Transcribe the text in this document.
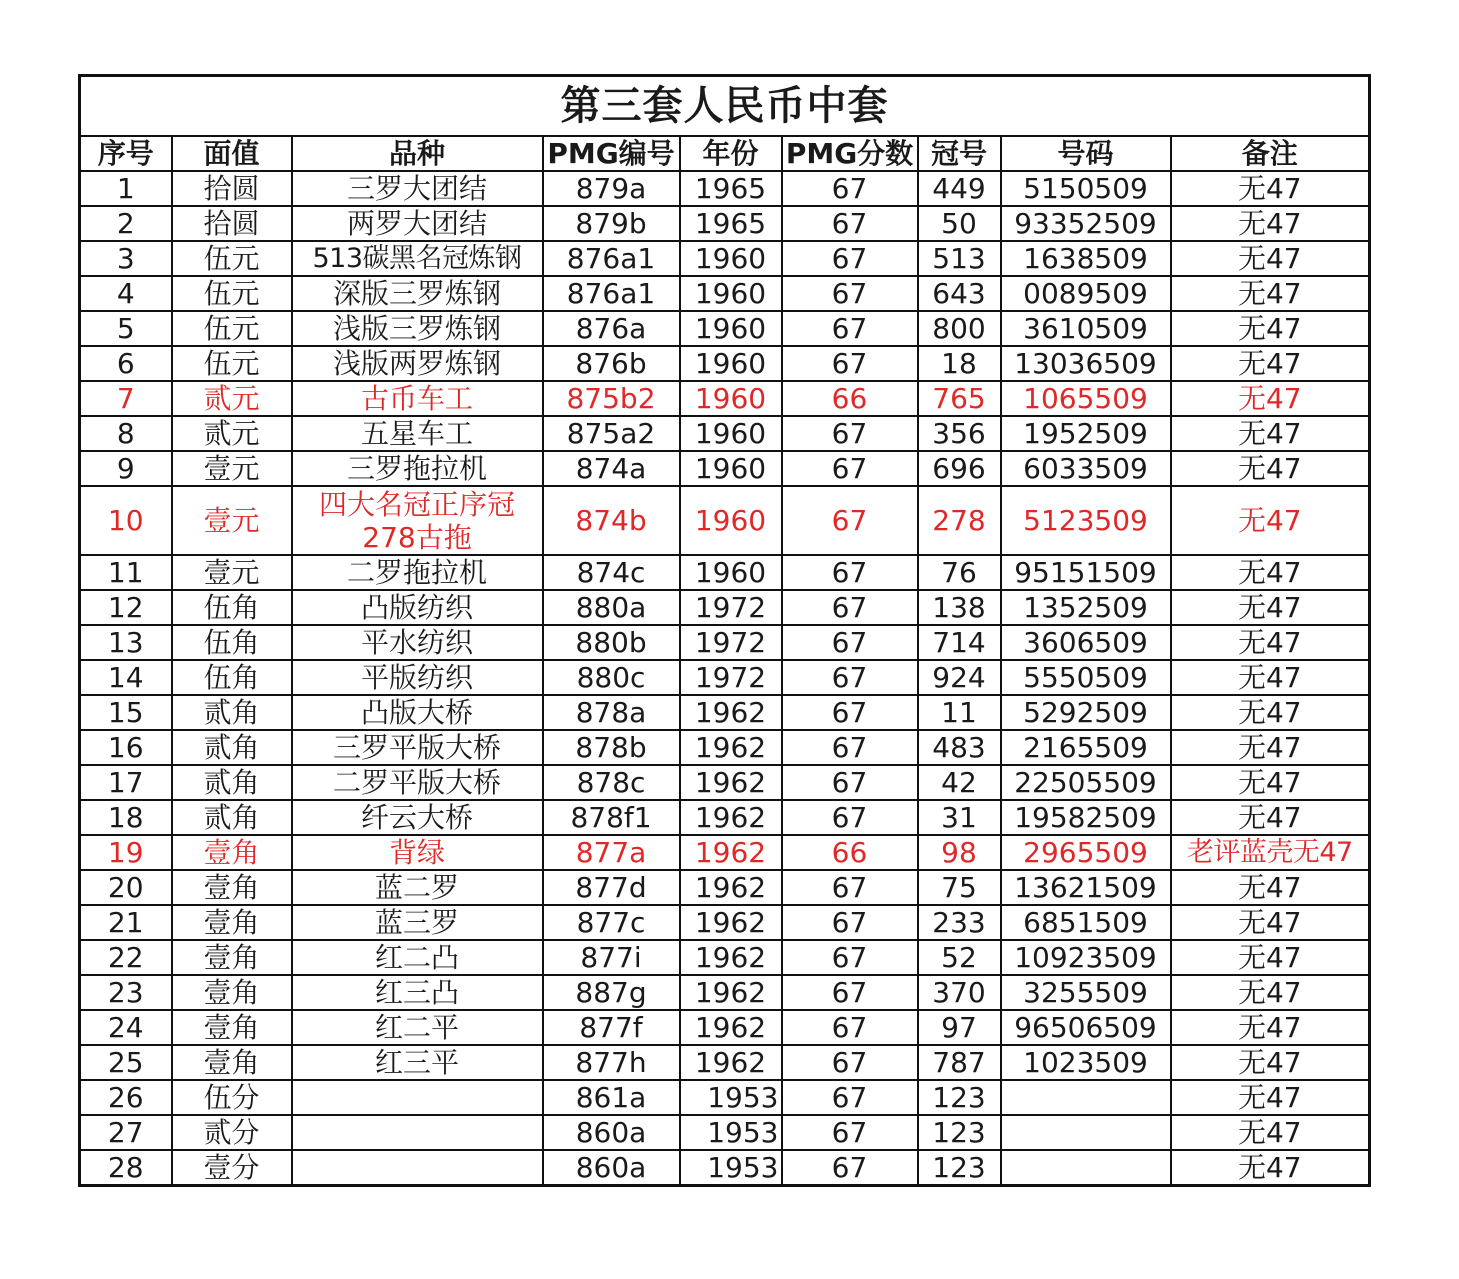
第三套人民币中套								
序号	面值	品种	PMG编号	年份	PMG分数	冠号	号码	备注
1	拾圆	三罗大团结	879a	1965	67	449	5150509	无47
2	拾圆	两罗大团结	879b	1965	67	50	93352509	无47
3	伍元	513碳黑名冠炼钢	876a1	1960	67	513	1638509	无47
4	伍元	深版三罗炼钢	876a1	1960	67	643	0089509	无47
5	伍元	浅版三罗炼钢	876a	1960	67	800	3610509	无47
6	伍元	浅版两罗炼钢	876b	1960	67	18	13036509	无47
7	贰元	古币车工	875b2	1960	66	765	1065509	无47
8	贰元	五星车工	875a2	1960	67	356	1952509	无47
9	壹元	三罗拖拉机	874a	1960	67	696	6033509	无47
10	壹元	四大名冠正序冠278古拖	874b	1960	67	278	5123509	无47
11	壹元	二罗拖拉机	874c	1960	67	76	95151509	无47
12	伍角	凸版纺织	880a	1972	67	138	1352509	无47
13	伍角	平水纺织	880b	1972	67	714	3606509	无47
14	伍角	平版纺织	880c	1972	67	924	5550509	无47
15	贰角	凸版大桥	878a	1962	67	11	5292509	无47
16	贰角	三罗平版大桥	878b	1962	67	483	2165509	无47
17	贰角	二罗平版大桥	878c	1962	67	42	22505509	无47
18	贰角	纤云大桥	878f1	1962	67	31	19582509	无47
19	壹角	背绿	877a	1962	66	98	2965509	老评蓝壳无47
20	壹角	蓝二罗	877d	1962	67	75	13621509	无47
21	壹角	蓝三罗	877c	1962	67	233	6851509	无47
22	壹角	红二凸	877i	1962	67	52	10923509	无47
23	壹角	红三凸	887g	1962	67	370	3255509	无47
24	壹角	红二平	877f	1962	67	97	96506509	无47
25	壹角	红三平	877h	1962	67	787	1023509	无47
26	伍分		861a	1953	67	123		无47
27	贰分		860a	1953	67	123		无47
28	壹分		860a	1953	67	123		无47
